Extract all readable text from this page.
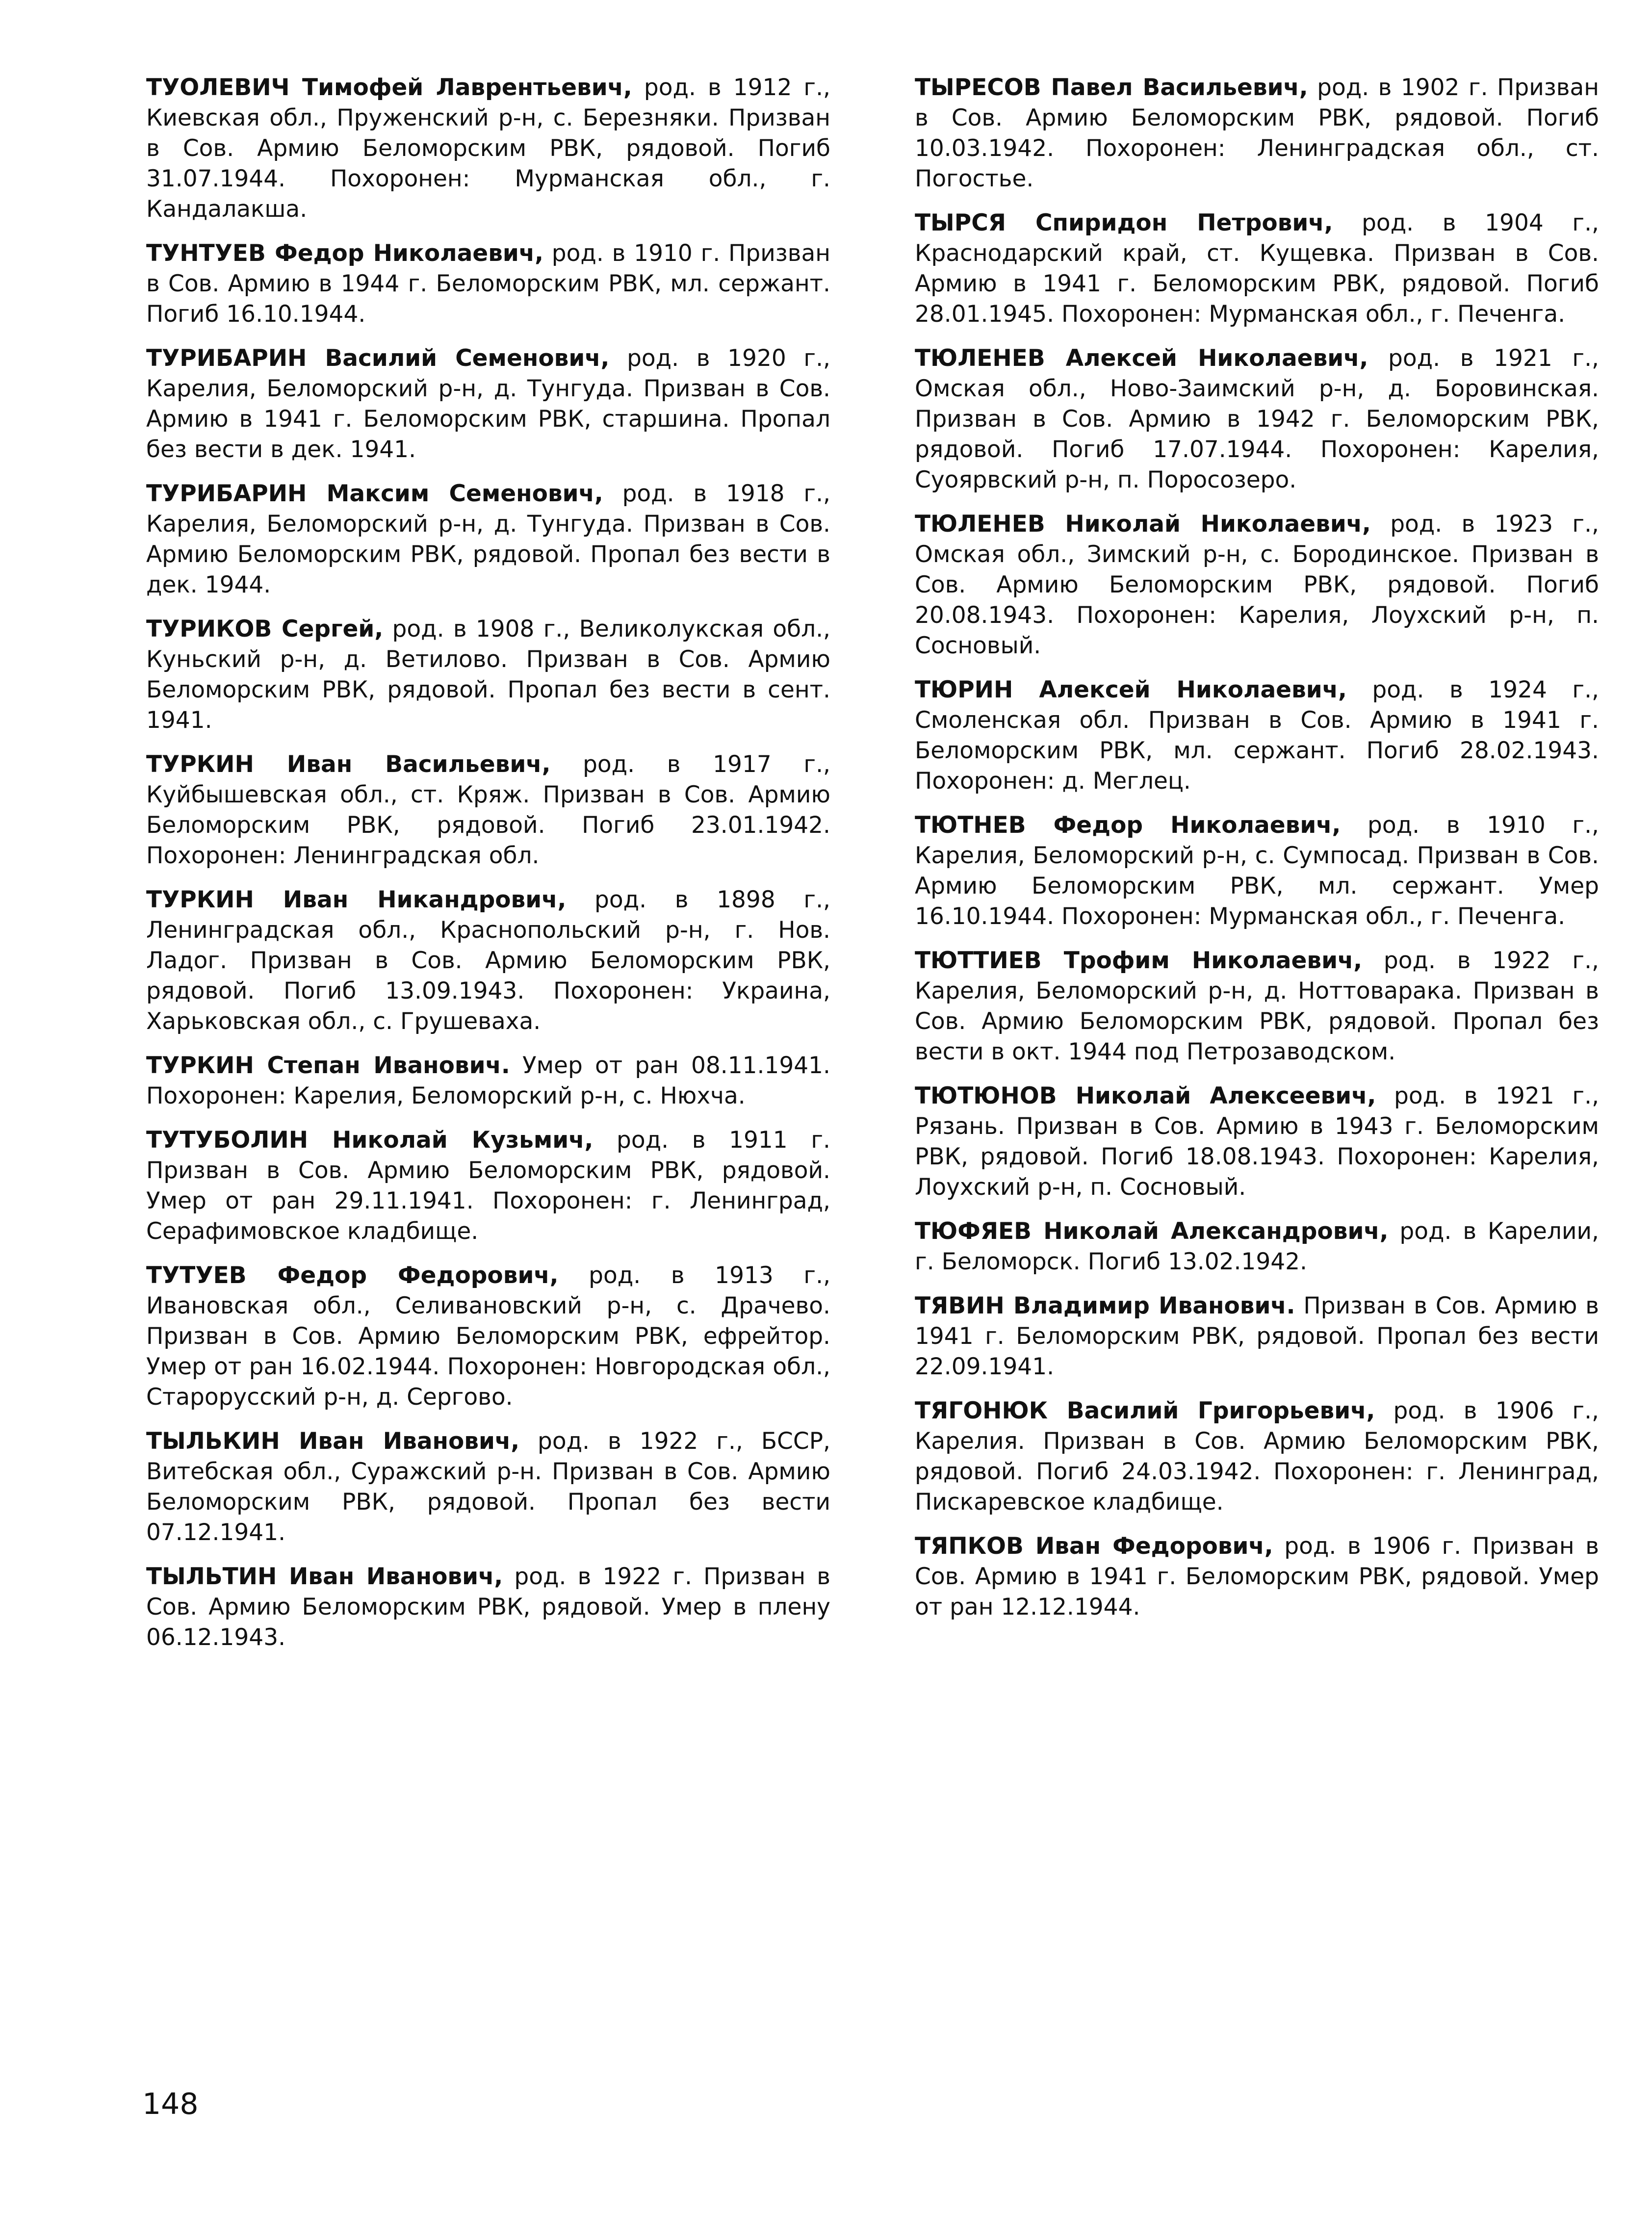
ТУОЛЕВИЧ Тимофей Лаврентьевич, род. в 1912 г., Киевская обл., Пруженский р-н, с. Березняки. Призван в Сов. Армию Беломорским РВК, рядовой. Погиб 31.07.1944. Похоронен: Мурманская обл., г. Кандалакша.

ТУНТУЕВ Федор Николаевич, род. в 1910 г. Призван в Сов. Армию в 1944 г. Беломорским РВК, мл. сержант. Погиб 16.10.1944.

ТУРИБАРИН Василий Семенович, род. в 1920 г., Карелия, Беломорский р-н, д. Тунгуда. Призван в Сов. Армию в 1941 г. Беломорским РВК, старшина. Пропал без вести в дек. 1941.

ТУРИБАРИН Максим Семенович, род. в 1918 г., Карелия, Беломорский р-н, д. Тунгуда. Призван в Сов. Армию Беломорским РВК, рядовой. Пропал без вести в дек. 1944.

ТУРИКОВ Сергей, род. в 1908 г., Великолукская обл., Куньский р-н, д. Ветилово. Призван в Сов. Армию Беломорским РВК, рядовой. Пропал без вести в сент. 1941.

ТУРКИН Иван Васильевич, род. в 1917 г., Куйбышевская обл., ст. Кряж. Призван в Сов. Армию Беломорским РВК, рядовой. Погиб 23.01.1942. Похоронен: Ленинградская обл.

ТУРКИН Иван Никандрович, род. в 1898 г., Ленинградская обл., Краснопольский р-н, г. Нов. Ладог. Призван в Сов. Армию Беломорским РВК, рядовой. Погиб 13.09.1943. Похоронен: Украина, Харьковская обл., с. Грушеваха.

ТУРКИН Степан Иванович. Умер от ран 08.11.1941. Похоронен: Карелия, Беломорский р-н, с. Нюхча.

ТУТУБОЛИН Николай Кузьмич, род. в 1911 г. Призван в Сов. Армию Беломорским РВК, рядовой. Умер от ран 29.11.1941. Похоронен: г. Ленинград, Серафимовское кладбище.

ТУТУЕВ Федор Федорович, род. в 1913 г., Ивановская обл., Селивановский р-н, с. Драчево. Призван в Сов. Армию Беломорским РВК, ефрейтор. Умер от ран 16.02.1944. Похоронен: Новгородская обл., Старорусский р-н, д. Сергово.

ТЫЛЬКИН Иван Иванович, род. в 1922 г., БССР, Витебская обл., Суражский р-н. Призван в Сов. Армию Беломорским РВК, рядовой. Пропал без вести 07.12.1941.

ТЫЛЬТИН Иван Иванович, род. в 1922 г. Призван в Сов. Армию Беломорским РВК, рядовой. Умер в плену 06.12.1943.

ТЫРЕСОВ Павел Васильевич, род. в 1902 г. Призван в Сов. Армию Беломорским РВК, рядовой. Погиб 10.03.1942. Похоронен: Ленинградская обл., ст. Погостье.

ТЫРСЯ Спиридон Петрович, род. в 1904 г., Краснодарский край, ст. Кущевка. Призван в Сов. Армию в 1941 г. Беломорским РВК, рядовой. Погиб 28.01.1945. Похоронен: Мурманская обл., г. Печенга.

ТЮЛЕНЕВ Алексей Николаевич, род. в 1921 г., Омская обл., Ново-Заимский р-н, д. Боровинская. Призван в Сов. Армию в 1942 г. Беломорским РВК, рядовой. Погиб 17.07.1944. Похоронен: Карелия, Суоярвский р-н, п. Поросозеро.

ТЮЛЕНЕВ Николай Николаевич, род. в 1923 г., Омская обл., Зимский р-н, с. Бородинское. Призван в Сов. Армию Беломорским РВК, рядовой. Погиб 20.08.1943. Похоронен: Карелия, Лоухский р-н, п. Сосновый.

ТЮРИН Алексей Николаевич, род. в 1924 г., Смоленская обл. Призван в Сов. Армию в 1941 г. Беломорским РВК, мл. сержант. Погиб 28.02.1943. Похоронен: д. Меглец.

ТЮТНЕВ Федор Николаевич, род. в 1910 г., Карелия, Беломорский р-н, с. Сумпосад. Призван в Сов. Армию Беломорским РВК, мл. сержант. Умер 16.10.1944. Похоронен: Мурманская обл., г. Печенга.

ТЮТТИЕВ Трофим Николаевич, род. в 1922 г., Карелия, Беломорский р-н, д. Ноттоварака. Призван в Сов. Армию Беломорским РВК, рядовой. Пропал без вести в окт. 1944 под Петрозаводском.

ТЮТЮНОВ Николай Алексеевич, род. в 1921 г., Рязань. Призван в Сов. Армию в 1943 г. Беломорским РВК, рядовой. Погиб 18.08.1943. Похоронен: Карелия, Лоухский р-н, п. Сосновый.

ТЮФЯЕВ Николай Александрович, род. в Карелии, г. Беломорск. Погиб 13.02.1942.

ТЯВИН Владимир Иванович. Призван в Сов. Армию в 1941 г. Беломорским РВК, рядовой. Пропал без вести 22.09.1941.

ТЯГОНЮК Василий Григорьевич, род. в 1906 г., Карелия. Призван в Сов. Армию Беломорским РВК, рядовой. Погиб 24.03.1942. Похоронен: г. Ленинград, Пискаревское кладбище.

ТЯПКОВ Иван Федорович, род. в 1906 г. Призван в Сов. Армию в 1941 г. Беломорским РВК, рядовой. Умер от ран 12.12.1944.

148
